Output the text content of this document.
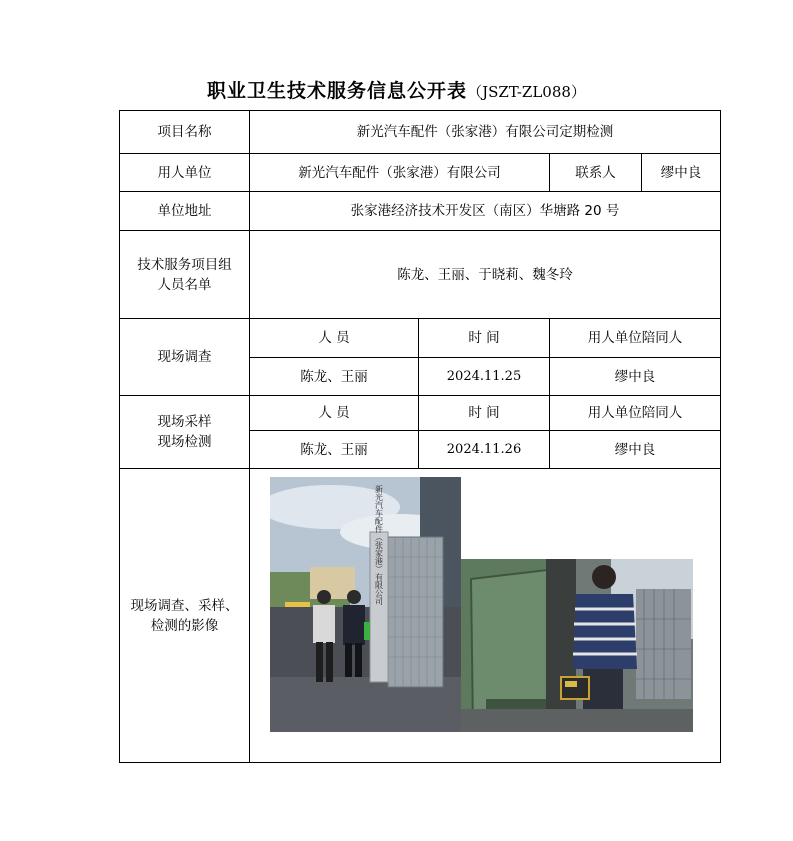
职业卫生技术服务信息公开表（JSZT-ZL088）
项目名称	新光汽车配件（张家港）有限公司定期检测			
用人单位	新光汽车配件（张家港）有限公司		联系人	缪中良
单位地址	张家港经济技术开发区（南区）华塘路 20 号			

技术服务项目组
人员名单	陈龙、王丽、于晓莉、魏冬玲			
现场调查	人 员	时 间	用人单位陪同人	
	陈龙、王丽	2024.11.25	缪中良	

现场采样
现场检测	人 员	时 间	用人单位陪同人	
	陈龙、王丽	2024.11.26	缪中良	

现场调查、采样、
检测的影像	新光汽车配件（张家港）有限公司			
